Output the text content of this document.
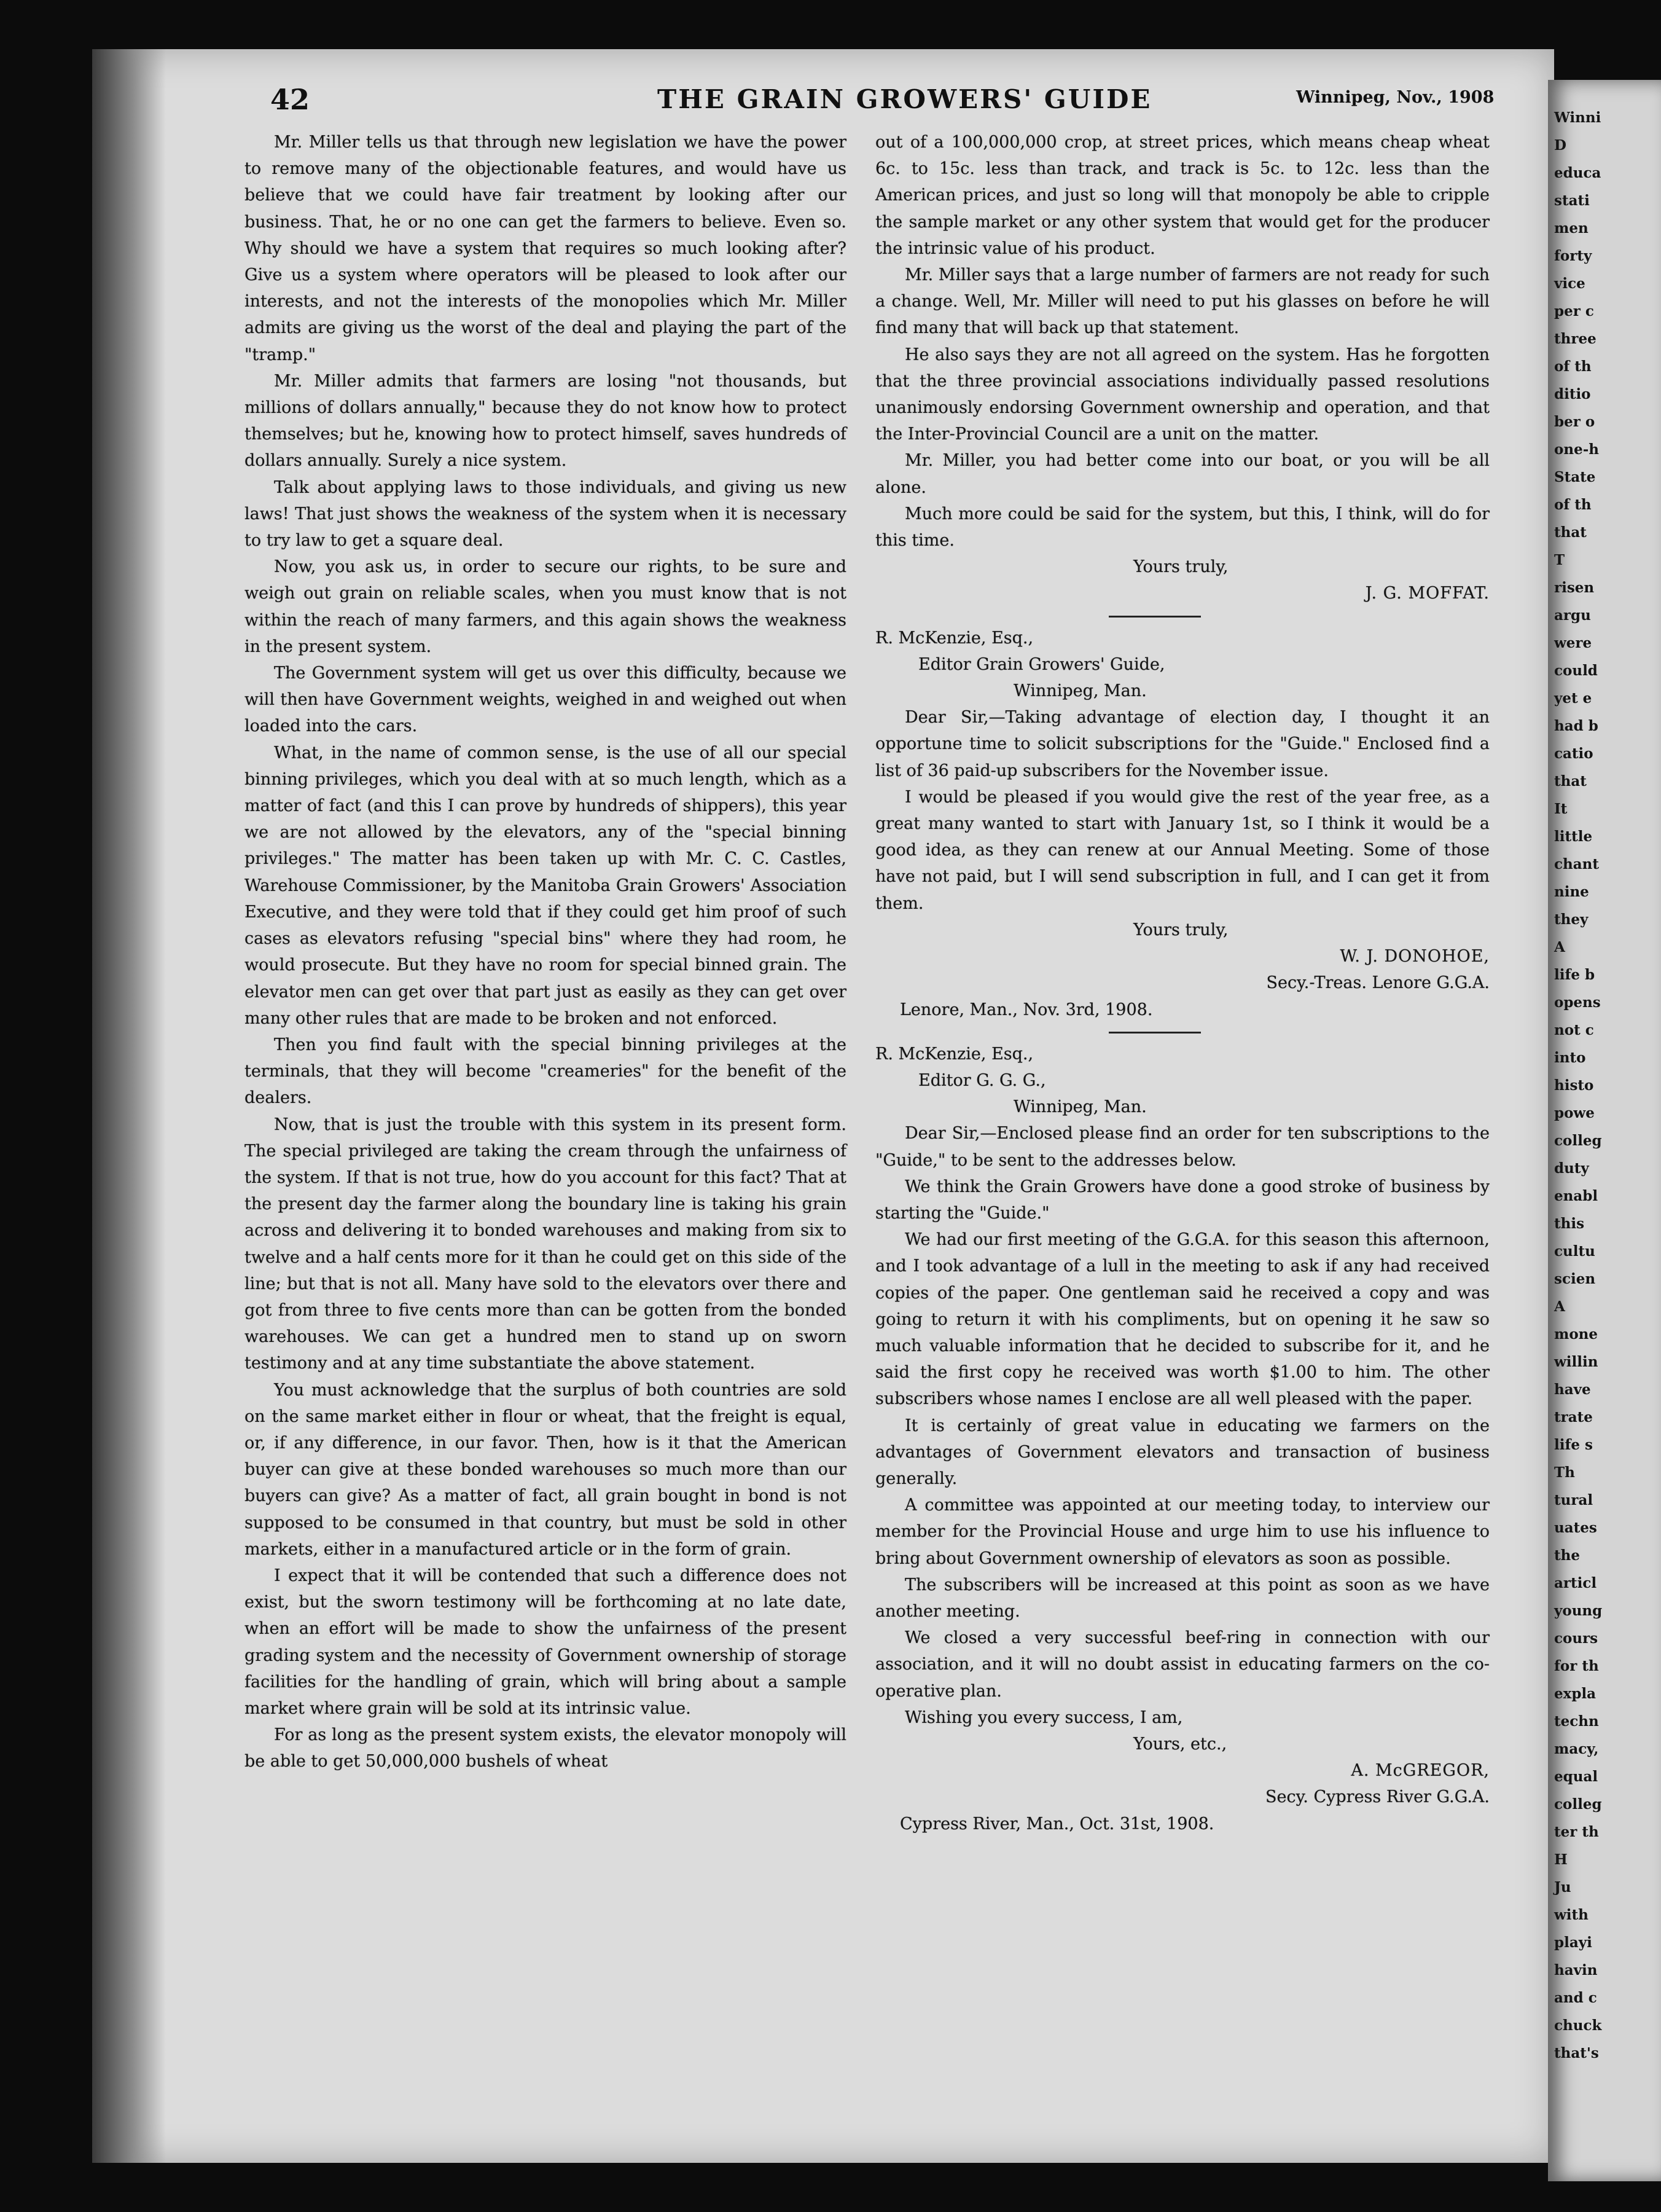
42	THE GRAIN GROWERS' GUIDE	Winnipeg, Nov., 1908

Mr. Miller tells us that through new legislation we have the power to remove many of the objectionable features, and would have us believe that we could have fair treatment by looking after our business. That, he or no one can get the farmers to believe. Even so. Why should we have a system that requires so much looking after? Give us a system where operators will be pleased to look after our interests, and not the interests of the monopolies which Mr. Miller admits are giving us the worst of the deal and playing the part of the "tramp."

Mr. Miller admits that farmers are losing "not thousands, but millions of dollars annually," because they do not know how to protect themselves; but he, knowing how to protect himself, saves hundreds of dollars annually. Surely a nice system.

Talk about applying laws to those individuals, and giving us new laws! That just shows the weakness of the system when it is necessary to try law to get a square deal.

Now, you ask us, in order to secure our rights, to be sure and weigh out grain on reliable scales, when you must know that is not within the reach of many farmers, and this again shows the weakness in the present system.

The Government system will get us over this difficulty, because we will then have Government weights, weighed in and weighed out when loaded into the cars.

What, in the name of common sense, is the use of all our special binning privileges, which you deal with at so much length, which as a matter of fact (and this I can prove by hundreds of shippers), this year we are not allowed by the elevators, any of the "special binning privileges." The matter has been taken up with Mr. C. C. Castles, Warehouse Commissioner, by the Manitoba Grain Growers' Association Executive, and they were told that if they could get him proof of such cases as elevators refusing "special bins" where they had room, he would prosecute. But they have no room for special binned grain. The elevator men can get over that part just as easily as they can get over many other rules that are made to be broken and not enforced.

Then you find fault with the special binning privileges at the terminals, that they will become "creameries" for the benefit of the dealers.

Now, that is just the trouble with this system in its present form. The special privileged are taking the cream through the unfairness of the system. If that is not true, how do you account for this fact? That at the present day the farmer along the boundary line is taking his grain across and delivering it to bonded warehouses and making from six to twelve and a half cents more for it than he could get on this side of the line; but that is not all. Many have sold to the elevators over there and got from three to five cents more than can be gotten from the bonded warehouses. We can get a hundred men to stand up on sworn testimony and at any time substantiate the above statement.

You must acknowledge that the surplus of both countries are sold on the same market either in flour or wheat, that the freight is equal, or, if any difference, in our favor. Then, how is it that the American buyer can give at these bonded warehouses so much more than our buyers can give? As a matter of fact, all grain bought in bond is not supposed to be consumed in that country, but must be sold in other markets, either in a manufactured article or in the form of grain.

I expect that it will be contended that such a difference does not exist, but the sworn testimony will be forthcoming at no late date, when an effort will be made to show the unfairness of the present grading system and the necessity of Government ownership of storage facilities for the handling of grain, which will bring about a sample market where grain will be sold at its intrinsic value.

For as long as the present system exists, the elevator monopoly will be able to get 50,000,000 bushels of wheat

out of a 100,000,000 crop, at street prices, which means cheap wheat 6c. to 15c. less than track, and track is 5c. to 12c. less than the American prices, and just so long will that monopoly be able to cripple the sample market or any other system that would get for the producer the intrinsic value of his product.

Mr. Miller says that a large number of farmers are not ready for such a change. Well, Mr. Miller will need to put his glasses on before he will find many that will back up that statement.

He also says they are not all agreed on the system. Has he forgotten that the three provincial associations individually passed resolutions unanimously endorsing Government ownership and operation, and that the Inter-Provincial Council are a unit on the matter.

Mr. Miller, you had better come into our boat, or you will be all alone.

Much more could be said for the system, but this, I think, will do for this time.

Yours truly,

J. G. MOFFAT.

R. McKenzie, Esq.,

Editor Grain Growers' Guide,

Winnipeg, Man.

Dear Sir,—Taking advantage of election day, I thought it an opportune time to solicit subscriptions for the "Guide." Enclosed find a list of 36 paid-up subscribers for the November issue.

I would be pleased if you would give the rest of the year free, as a great many wanted to start with January 1st, so I think it would be a good idea, as they can renew at our Annual Meeting. Some of those have not paid, but I will send subscription in full, and I can get it from them.

Yours truly,

W. J. DONOHOE,

Secy.-Treas. Lenore G.G.A.

Lenore, Man., Nov. 3rd, 1908.

R. McKenzie, Esq.,

Editor G. G. G.,

Winnipeg, Man.

Dear Sir,—Enclosed please find an order for ten subscriptions to the "Guide," to be sent to the addresses below.

We think the Grain Growers have done a good stroke of business by starting the "Guide."

We had our first meeting of the G.G.A. for this season this afternoon, and I took advantage of a lull in the meeting to ask if any had received copies of the paper. One gentleman said he received a copy and was going to return it with his compliments, but on opening it he saw so much valuable information that he decided to subscribe for it, and he said the first copy he received was worth $1.00 to him. The other subscribers whose names I enclose are all well pleased with the paper.

It is certainly of great value in educating we farmers on the advantages of Government elevators and transaction of business generally.

A committee was appointed at our meeting today, to interview our member for the Provincial House and urge him to use his influence to bring about Government ownership of elevators as soon as possible.

The subscribers will be increased at this point as soon as we have another meeting.

We closed a very successful beef-ring in connection with our association, and it will no doubt assist in educating farmers on the co-operative plan.

Wishing you every success, I am,

Yours, etc.,

A. McGREGOR,

Secy. Cypress River G.G.A.

Cypress River, Man., Oct. 31st, 1908.

Winni
D
educa
stati
men
forty
vice
per c
three
of th
ditio
ber o
one-h
State
of th
that
T
risen
argu
were
could
yet e
had b
catio
that
It
little
chant
nine
they
A
life b
opens
not c
into
histo
powe
colleg
duty
enabl
this
cultu
scien
A
mone
willin
have
trate
life s
Th
tural
uates
the
articl
young
cours
for th
expla
techn
macy,
equal
colleg
ter th
H
Ju
with
playi
havin
and c
chuck
that's
